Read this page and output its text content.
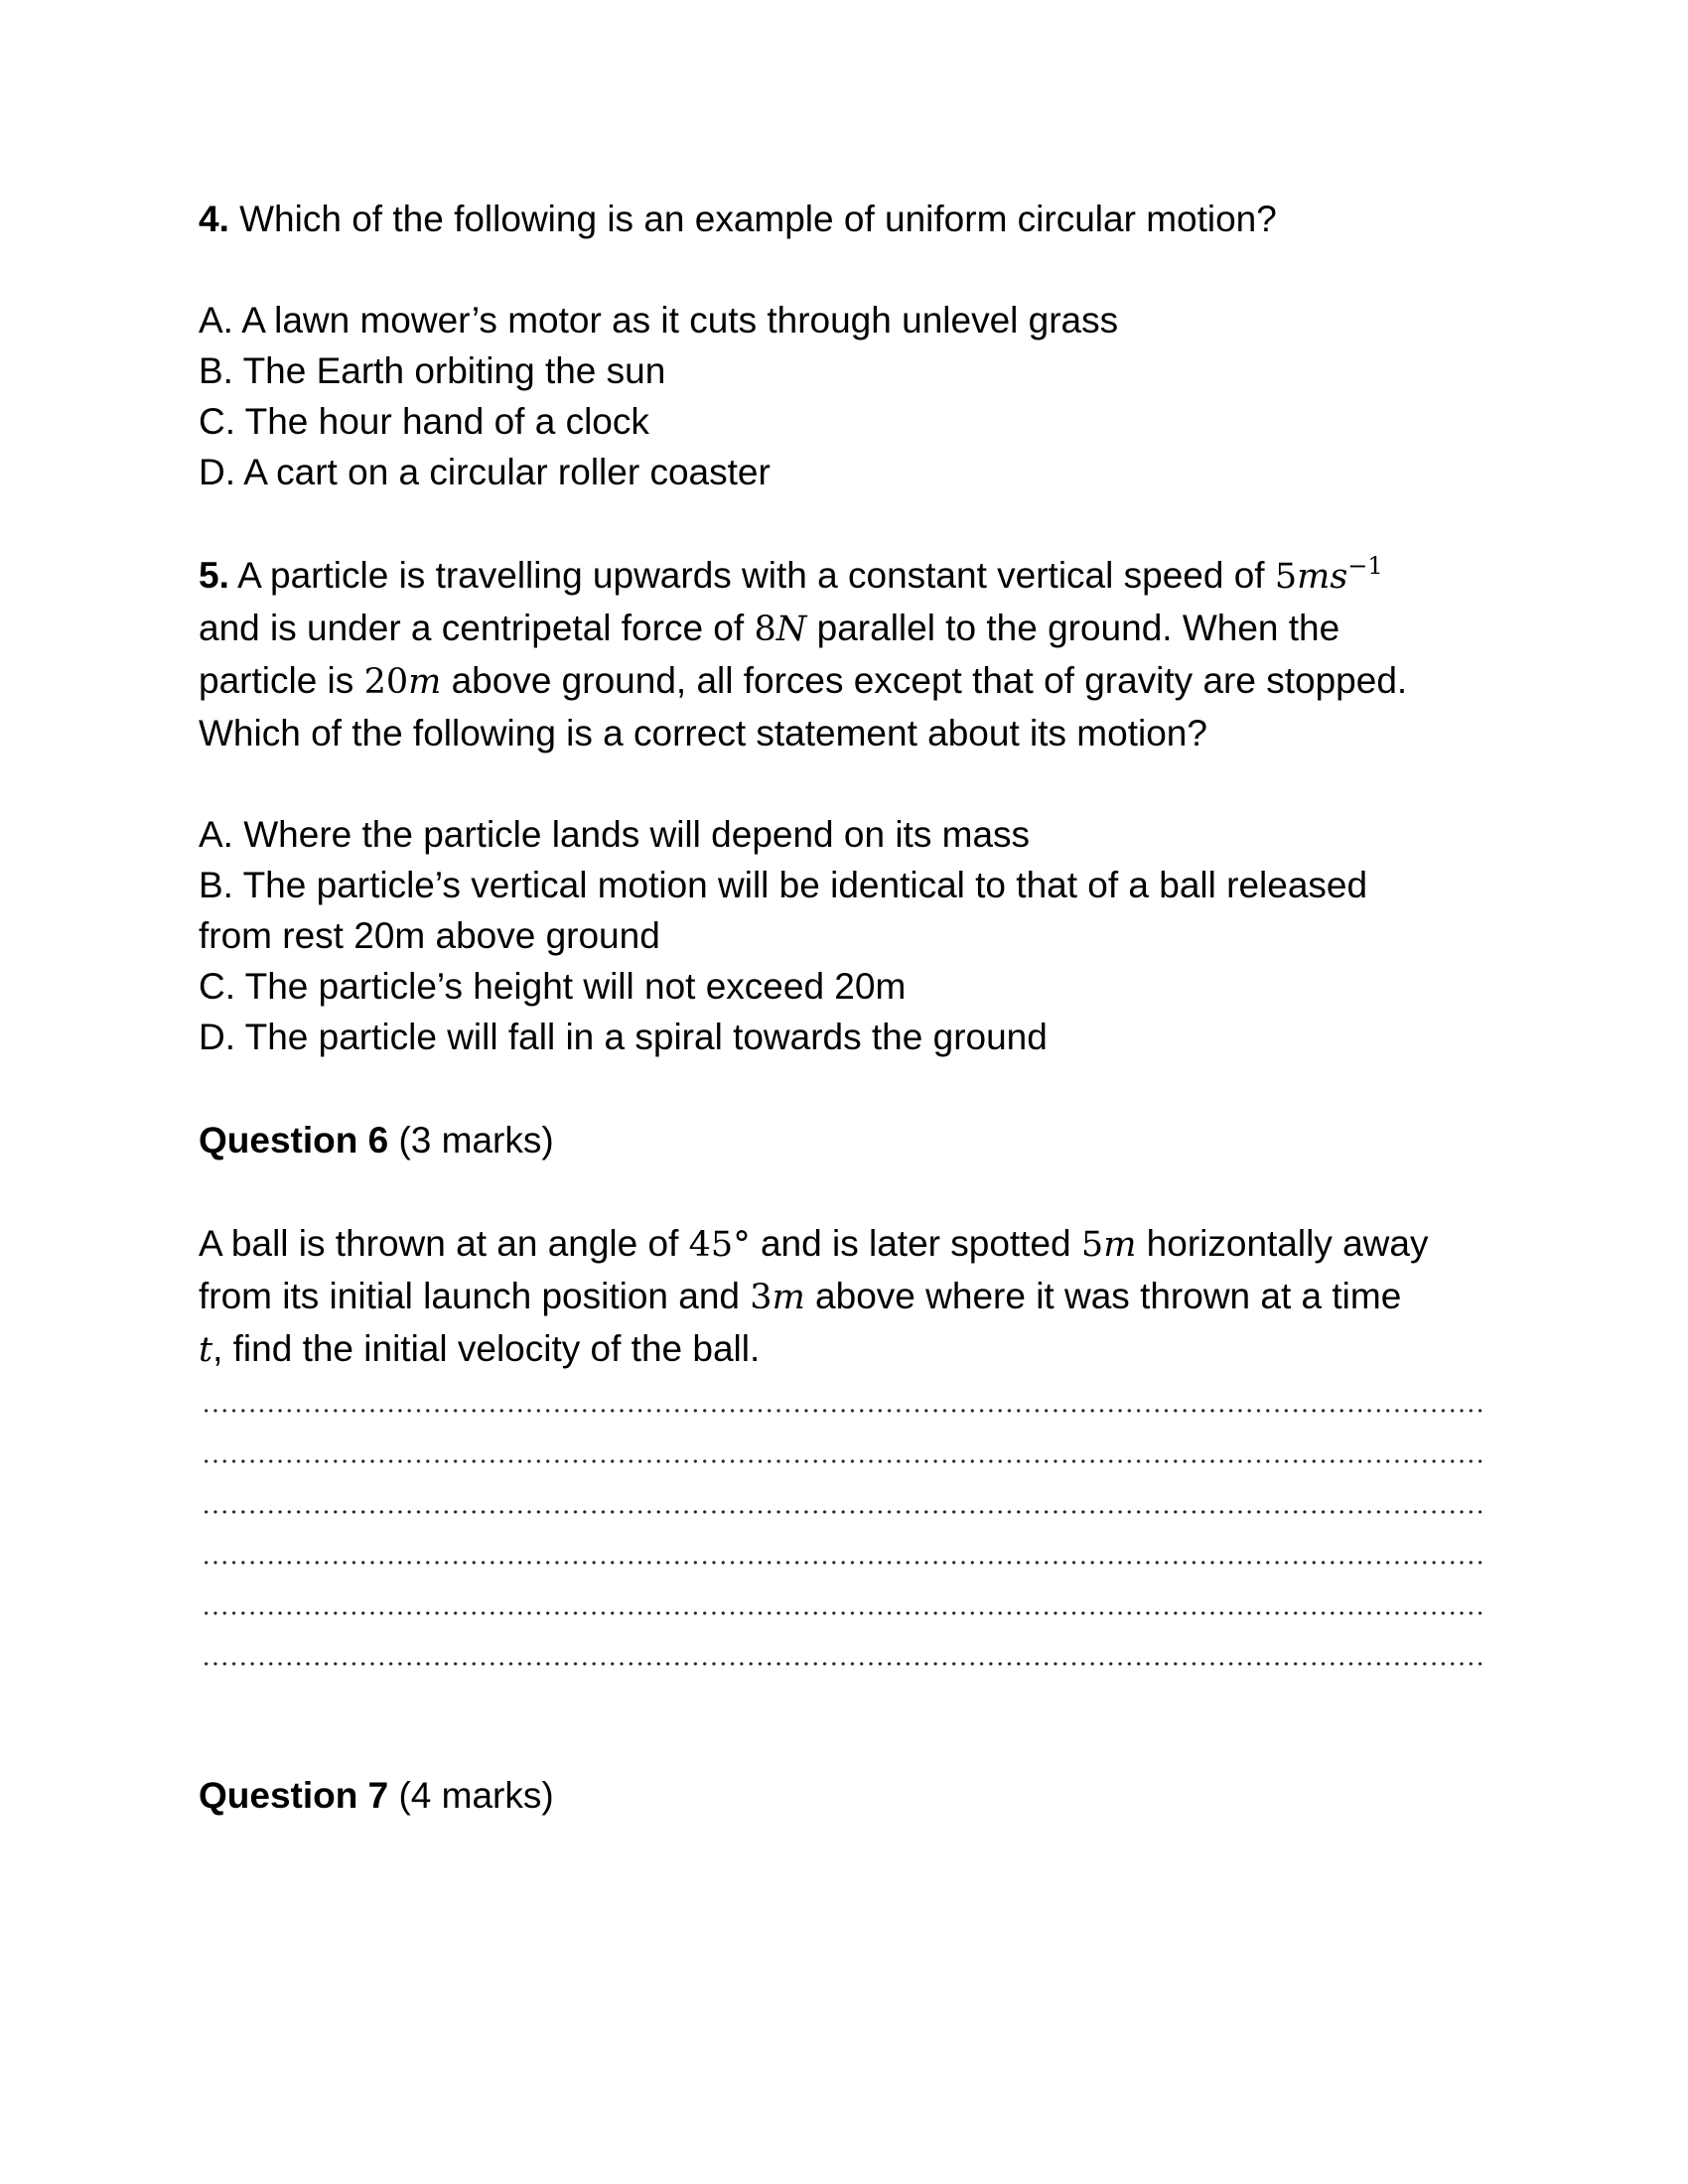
4. Which of the following is an example of uniform circular motion?

A. A lawn mower’s motor as it cuts through unlevel grass

B. The Earth orbiting the sun

C. The hour hand of a clock

D. A cart on a circular roller coaster

5. A particle is travelling upwards with a constant vertical speed of $5ms^{-1}$

and is under a centripetal force of 8N parallel to the ground. When the

particle is 20m above ground, all forces except that of gravity are stopped.

Which of the following is a correct statement about its motion?

A. Where the particle lands will depend on its mass

B. The particle’s vertical motion will be identical to that of a ball released from rest 20m above ground

C. The particle’s height will not exceed 20m

D. The particle will fall in a spiral towards the ground

Question 6 (3 marks)

A ball is thrown at an angle of 45° and is later spotted 5m horizontally away

from its initial launch position and 3m above where it was thrown at a time

t, find the initial velocity of the ball.

Question 7 (4 marks)
